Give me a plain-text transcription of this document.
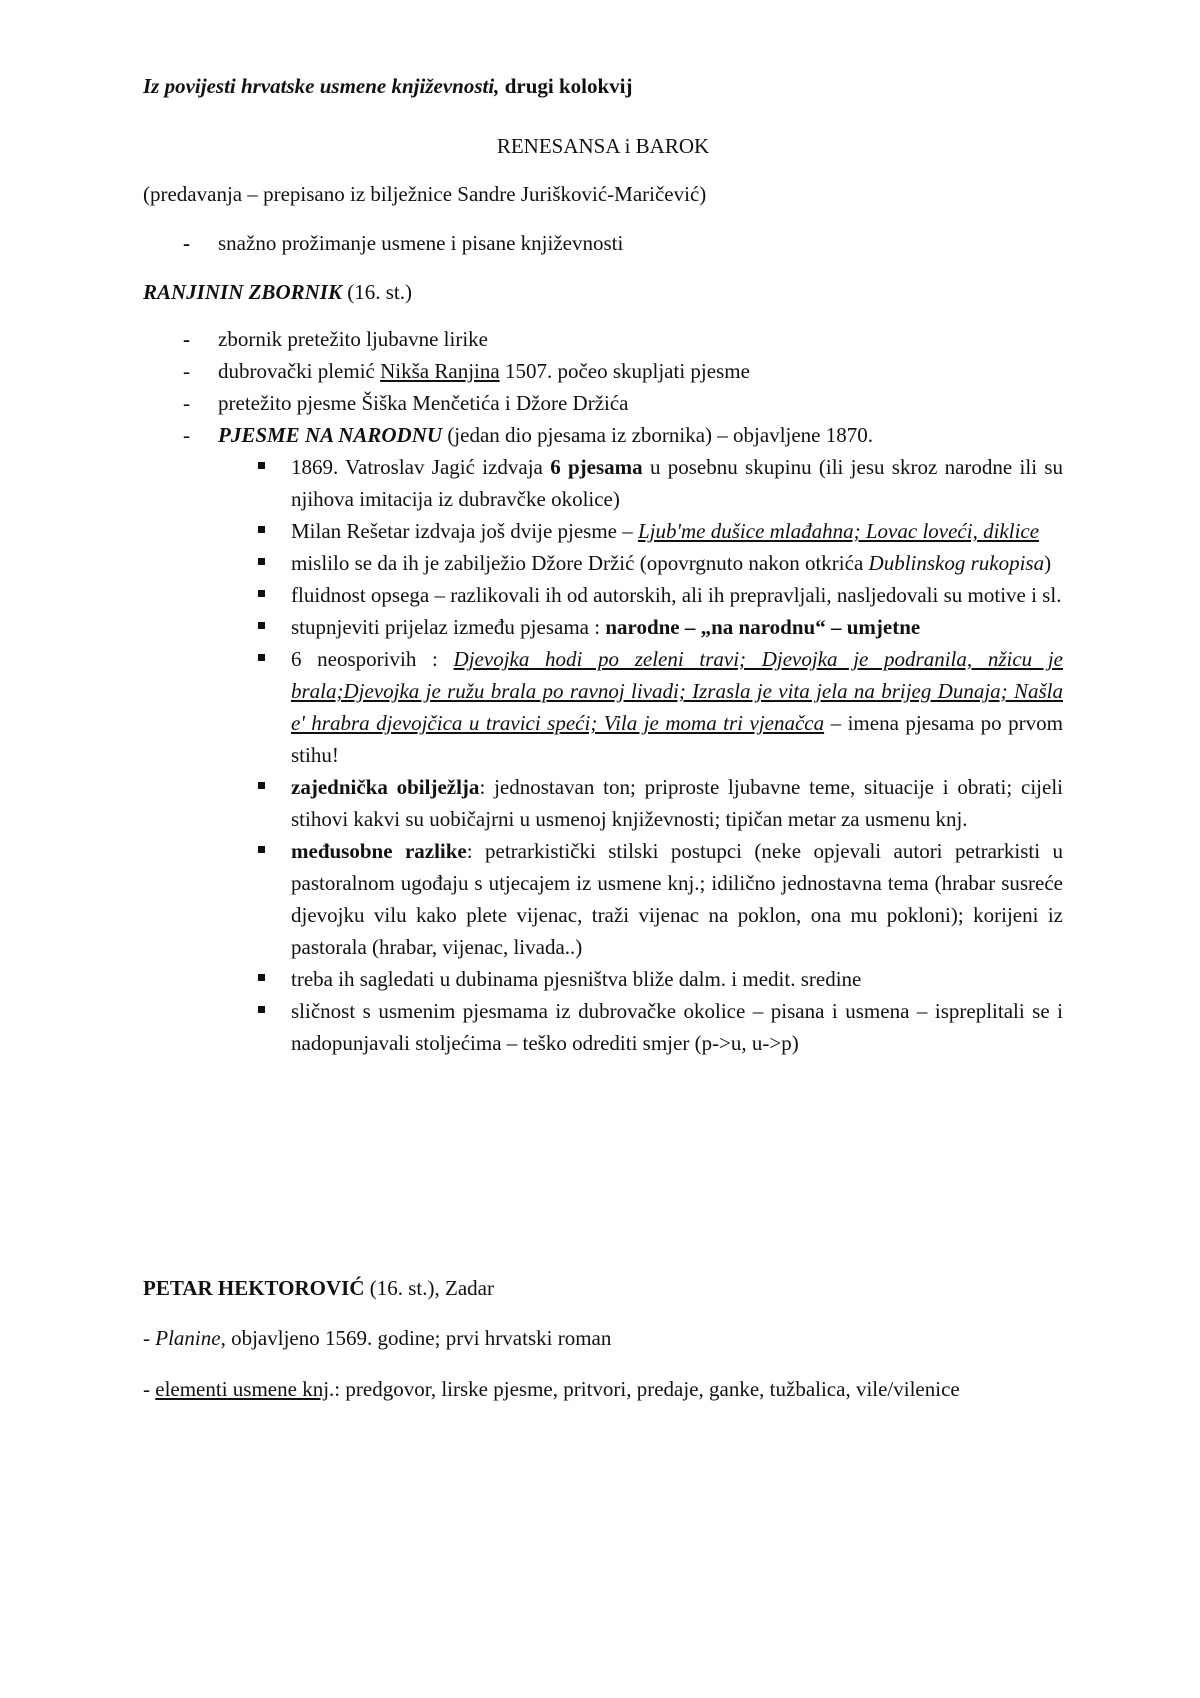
Iz povijesti hrvatske usmene književnosti, drugi kolokvij

RENESANSA i BAROK

(predavanja – prepisano iz bilježnice Sandre Jurišković-Maričević)

- snažno prožimanje usmene i pisane književnosti

RANJININ ZBORNIK (16. st.)

- zbornik pretežito ljubavne lirike
- dubrovački plemić Nikša Ranjina 1507. počeo skupljati pjesme
- pretežito pjesme Šiška Menčetića i Džore Držića
- PJESME NA NARODNU (jedan dio pjesama iz zbornika) – objavljene 1870.
1869. Vatroslav Jagić izdvaja 6 pjesama u posebnu skupinu (ili jesu skroz narodne ili su njihova imitacija iz dubravčke okolice)
Milan Rešetar izdvaja još dvije pjesme – Ljub'me dušice mlađahna; Lovac loveći, diklice
mislilo se da ih je zabilježio Džore Držić (opovrgnuto nakon otkrića Dublinskog rukopisa)
fluidnost opsega – razlikovali ih od autorskih, ali ih prepravljali, nasljedovali su motive i sl.
stupnjeviti prijelaz između pjesama : narodne – „na narodnu“ – umjetne
6 neosporivih : Djevojka hodi po zeleni travi; Djevojka je podranila, nžicu je brala;Djevojka je ružu brala po ravnoj livadi; Izrasla je vita jela na brijeg Dunaja; Našla e' hrabra djevojčica u travici speći; Vila je moma tri vjenačca – imena pjesama po prvom stihu!
zajednička obilježlja: jednostavan ton; priproste ljubavne teme, situacije i obrati; cijeli stihovi kakvi su uobičajrni u usmenoj književnosti; tipičan metar za usmenu knj.
međusobne razlike: petrarkistički stilski postupci (neke opjevali autori petrarkisti u pastoralnom ugođaju s utjecajem iz usmene knj.; idilično jednostavna tema (hrabar susreće djevojku vilu kako plete vijenac, traži vijenac na poklon, ona mu pokloni); korijeni iz pastorala (hrabar, vijenac, livada..)
treba ih sagledati u dubinama pjesništva bliže dalm. i medit. sredine
sličnost s usmenim pjesmama iz dubrovačke okolice – pisana i usmena – ispreplitali se i nadopunjavali stoljećima – teško odrediti smjer (p->u, u->p)

PETAR HEKTOROVIĆ (16. st.), Zadar

- Planine, objavljeno 1569. godine; prvi hrvatski roman

- elementi usmene knj.: predgovor, lirske pjesme, pritvori, predaje, ganke, tužbalica, vile/vilenice
